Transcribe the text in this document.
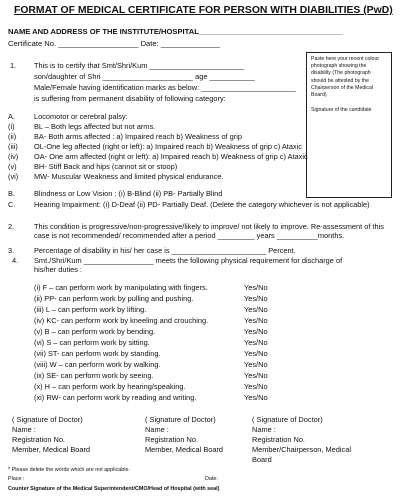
FORMAT OF MEDICAL CERTIFICATE FOR PERSON WITH DIABILITIES (PwD)
NAME AND ADDRESS OF THE INSTITUTE/HOSPITAL__________________________________
Certificate No. ___________________ Date: ______________
Paste here your recent colour photograph showing the disability (The photograph should be attested by the Chairperson of the Medical Board)
Signature of the candidate
1. This is to certify that Smt/Shri/Kum _______________________
son/daughter of Shri ______________________ age ___________
Male/Female having identification marks as below: _______________________
is suffering from permanent disability of following category:
A.	Locomotor or cerebral palsy:
(i)	BL – Both legs affected but not arms.
(ii) BA- Both arms affected : a) Impaired reach b) Weakness of grip
(iii) OL-One leg affected (right or left): a) Impaired reach b) Weakness of grip c) Ataxic
(iv) OA- One arm affected (right or left): a) Impaired reach b) Weakness of grip c) Ataxic
(v) BH- Stiff Back and hips (cannot sit or stoop)
(vi) MW- Muscular Weakness and limited physical endurance.
B.	Blindness or Low Vision : (i) B-Blind (ii) PB- Partially Blind
C.	Hearing Impairment: (i) D-Deaf (ii) PD- Partially Deaf. (Delete the category whichever is not applicable)
2.	This condition is progressive/non-progressive/likely to improve/ not likely to improve. Re-assessment of this case is not recommended/ recommended after a period _________ years __________months.
3.	Percentage of disability in his/ her case is _______________________ Percent.
4. Smt./Shri/Kum _________________ meets the following physical requirement for discharge of his/her duties :
(i) F – can perform work by manipulating with fingers.	Yes/No
(ii) PP- can perform work by pulling and pushing.	Yes/No
(iii) L – can perform work by lifting.	Yes/No
(iv) KC- can perform work by kneeling and crouching.	Yes/No
(v) B – can perform work by bending.	Yes/No
(vi) S – can perform work by sitting.	Yes/No
(vii) ST- can perform work by standing.	Yes/No
(viii) W – can perform work by walking.	Yes/No
(ix) SE- can perform work by seeing.	Yes/No
(x) H – can perform work by hearing/speaking.	Yes/No
(xi) RW- can perform work by reading and writing.	Yes/No
( Signature of Doctor)
Name :
Registration No.
Member, Medical Board
( Signature of Doctor)
Name :
Registration No.
Member, Medical Board
( Signature of Doctor)
Name :
Registration No.
Member/Chairperson, Medical Board
* Please delete the words which are not applicable.
Place :	Date:
Counter Signature of the Medical Superintendent/CMO/Head of Hospital (with seal)
